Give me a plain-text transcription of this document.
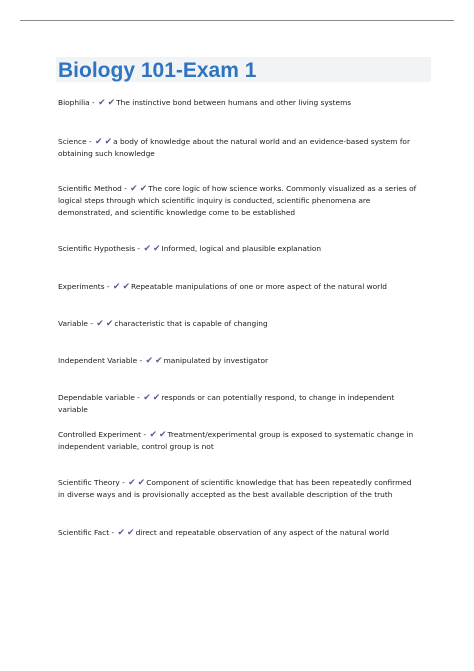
Biology 101-Exam 1
Biophilia - ✔ ✔The instinctive bond between humans and other living systems
Science - ✔ ✔a body of knowledge about the natural world and an evidence-based system for obtaining such knowledge
Scientific Method - ✔ ✔The core logic of how science works. Commonly visualized as a series of logical steps through which scientific inquiry is conducted, scientific phenomena are demonstrated, and scientific knowledge come to be established
Scientific Hypothesis - ✔ ✔Informed, logical and plausible explanation
Experiments - ✔ ✔Repeatable manipulations of one or more aspect of the natural world
Variable - ✔ ✔characteristic that is capable of changing
Independent Variable - ✔ ✔manipulated by investigator
Dependable variable - ✔ ✔responds or can potentially respond, to change in independent variable
Controlled Experiment - ✔ ✔Treatment/experimental group is exposed to systematic change in independent variable, control group is not
Scientific Theory - ✔ ✔Component of scientific knowledge that has been repeatedly confirmed in diverse ways and is provisionally accepted as the best available description of the truth
Scientific Fact - ✔ ✔direct and repeatable observation of any aspect of the natural world
